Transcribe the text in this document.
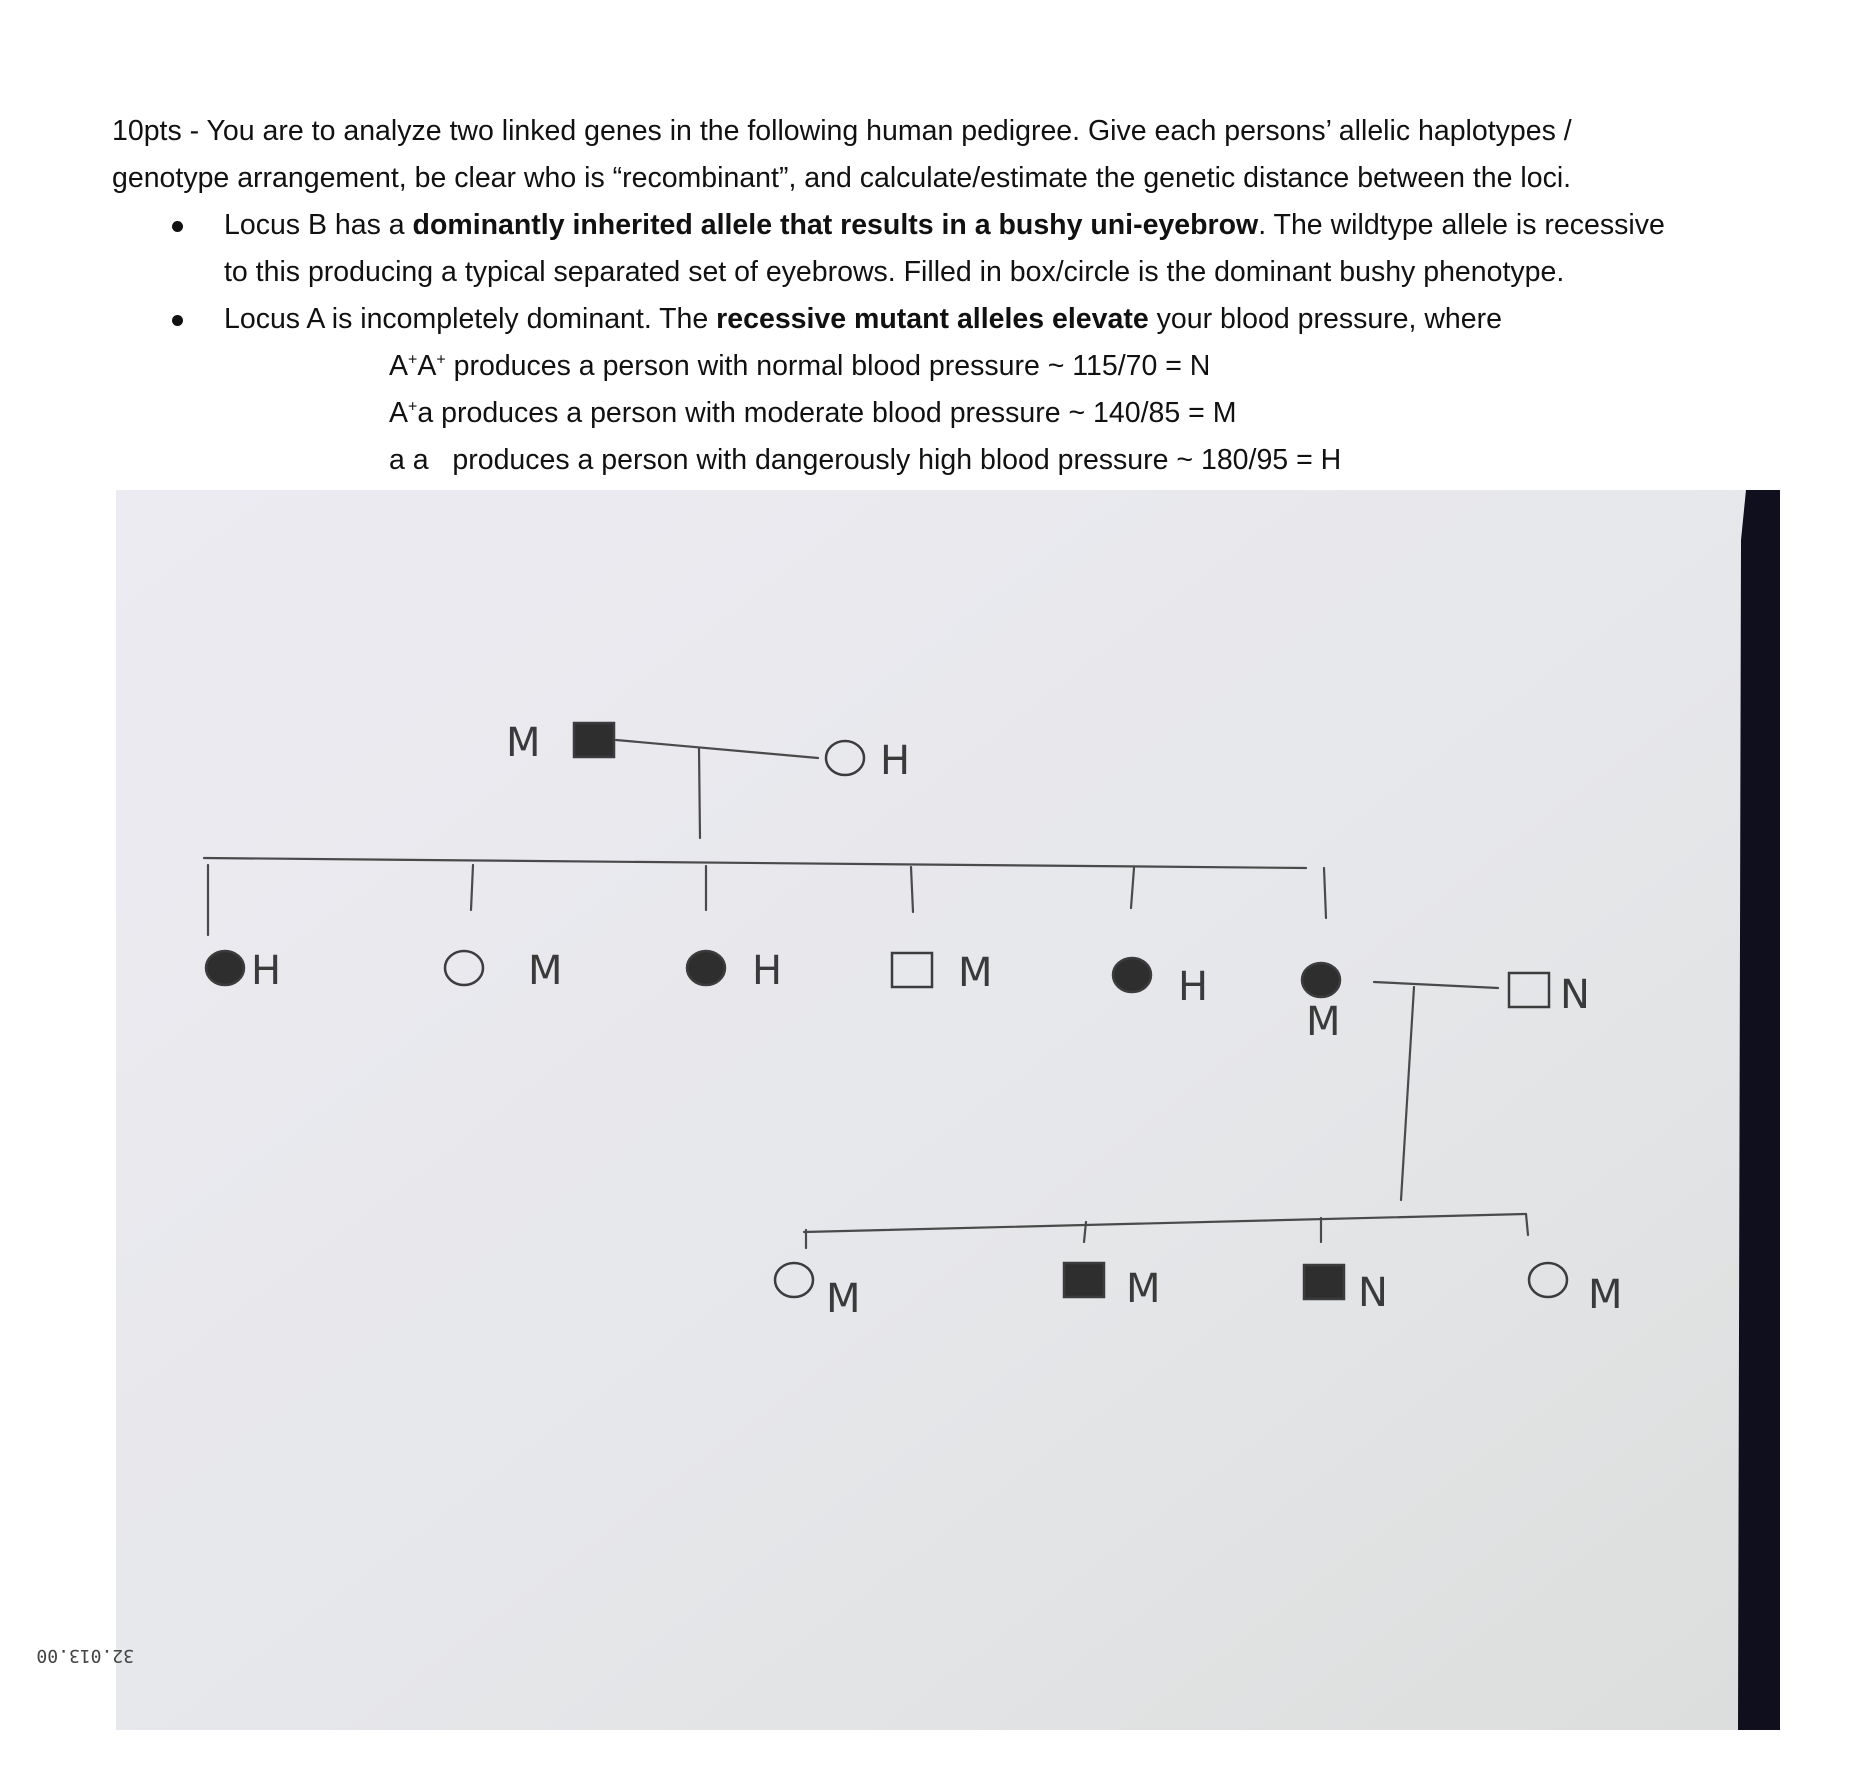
10pts - You are to analyze two linked genes in the following human pedigree. Give each persons’ allelic haplotypes /
genotype arrangement, be clear who is “recombinant”, and calculate/estimate the genetic distance between the loci.
Locus B has a dominantly inherited allele that results in a bushy uni-eyebrow. The wildtype allele is recessive
to this producing a typical separated set of eyebrows. Filled in box/circle is the dominant bushy phenotype.
Locus A is incompletely dominant. The recessive mutant alleles elevate your blood pressure, where
A+A+ produces a person with normal blood pressure ~ 115/70 = N
A+a produces a person with moderate blood pressure ~ 140/85 = M
a a   produces a person with dangerously high blood pressure ~ 180/95 = H
M	H
H	M	H	M	H
M
N
M	M	N	M
32.013.00
